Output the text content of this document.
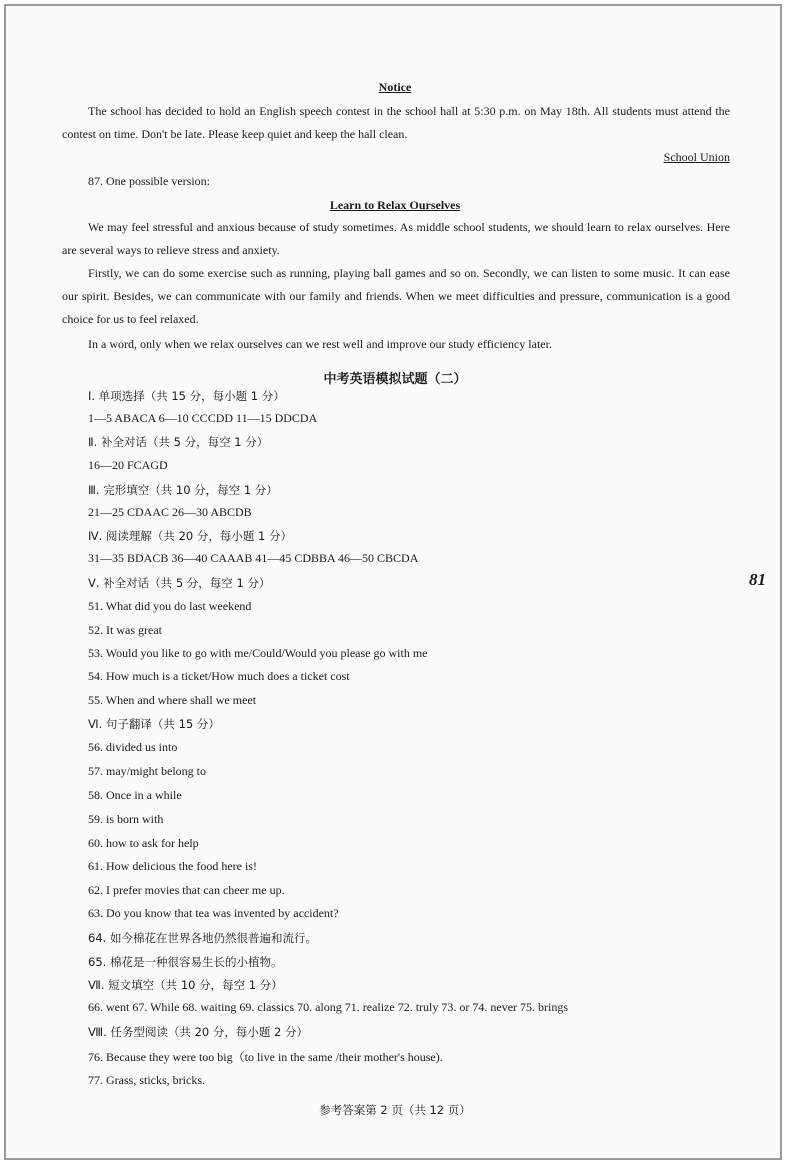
Notice
The school has decided to hold an English speech contest in the school hall at 5:30 p.m. on May 18th. All students must attend the contest on time. Don't be late. Please keep quiet and keep the hall clean.
School Union
87. One possible version:
Learn to Relax Ourselves
We may feel stressful and anxious because of study sometimes. As middle school students, we should learn to relax ourselves. Here are several ways to relieve stress and anxiety.
Firstly, we can do some exercise such as running, playing ball games and so on. Secondly, we can listen to some music. It can ease our spirit. Besides, we can communicate with our family and friends. When we meet difficulties and pressure, communication is a good choice for us to feel relaxed.
In a word, only when we relax ourselves can we rest well and improve our study efficiency later.
中考英语模拟试题（二）
Ⅰ. 单项选择（共 15 分，每小题 1 分）
1—5 ABACA 6—10 CCCDD 11—15 DDCDA
Ⅱ. 补全对话（共 5 分，每空 1 分）
16—20 FCAGD
Ⅲ. 完形填空（共 10 分，每空 1 分）
21—25 CDAAC 26—30 ABCDB
Ⅳ. 阅读理解（共 20 分，每小题 1 分）
31—35 BDACB 36—40 CAAAB 41—45 CDBBA 46—50 CBCDA
Ⅴ. 补全对话（共 5 分，每空 1 分）
51. What did you do last weekend
52. It was great
53. Would you like to go with me/Could/Would you please go with me
54. How much is a ticket/How much does a ticket cost
55. When and where shall we meet
Ⅵ. 句子翻译（共 15 分）
56. divided us into
57. may/might belong to
58. Once in a while
59. is born with
60. how to ask for help
61. How delicious the food here is!
62. I prefer movies that can cheer me up.
63. Do you know that tea was invented by accident?
64. 如今棉花在世界各地仍然很普遍和流行。
65. 棉花是一种很容易生长的小植物。
Ⅶ. 短文填空（共 10 分，每空 1 分）
66. went 67. While 68. waiting 69. classics 70. along 71. realize 72. truly 73. or 74. never 75. brings
Ⅷ. 任务型阅读（共 20 分，每小题 2 分）
76. Because they were too big（to live in the same /their mother's house).
77. Grass, sticks, bricks.
81
参考答案第 2 页（共 12 页）
